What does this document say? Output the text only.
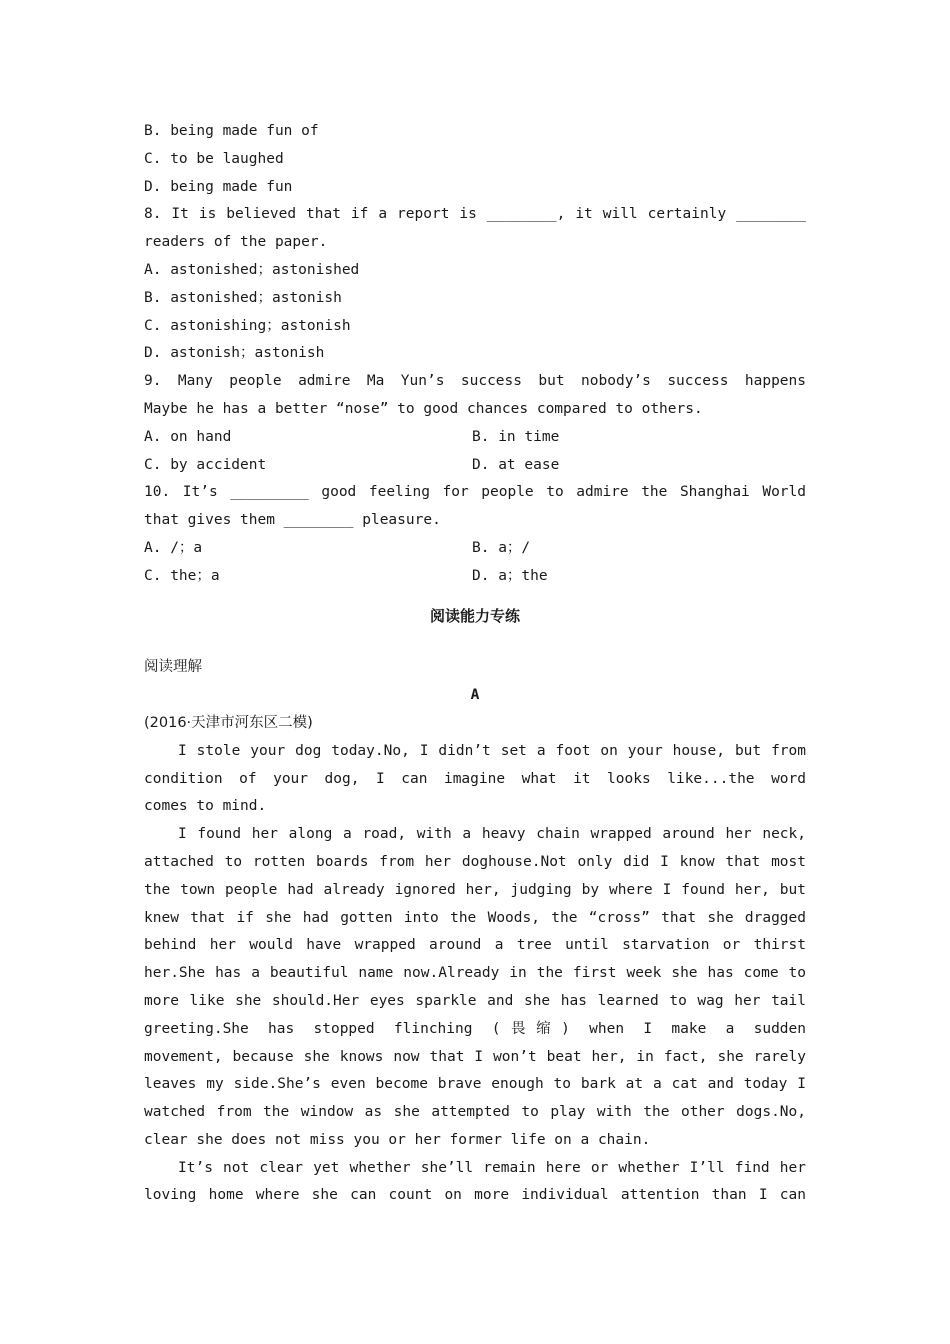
B. being made fun of
C. to be laughed
D. being made fun
8. It is believed that if a report is ________, it will certainly ________
readers of the paper.
A. astonished；astonished
B. astonished；astonish
C. astonishing；astonish
D. astonish；astonish
9. Many people admire Ma Yun’s success but nobody’s success happens
Maybe he has a better “nose” to good chances compared to others.
A. on hand	B. in time
C. by accident	D. at ease
10. It’s _________ good feeling for people to admire the Shanghai World
that gives them ________ pleasure.
A. /；a	B. a；/
C. the；a	D. a；the
阅读能力专练
阅读理解
A
(2016·天津市河东区二模)
I stole your dog today.No, I didn’t set a foot on your house, but from
condition of your dog, I can imagine what it looks like...the word
comes to mind.
I found her along a road, with a heavy chain wrapped around her neck,
attached to rotten boards from her doghouse.Not only did I know that most
the town people had already ignored her, judging by where I found her, but
knew that if she had gotten into the Woods, the “cross” that she dragged
behind her would have wrapped around a tree until starvation or thirst
her.She has a beautiful name now.Already in the first week she has come to
more like she should.Her eyes sparkle and she has learned to wag her tail
greeting.She has stopped flinching (畏缩) when I make a sudden
movement, because she knows now that I won’t beat her, in fact, she rarely
leaves my side.She’s even become brave enough to bark at a cat and today I
watched from the window as she attempted to play with the other dogs.No,
clear she does not miss you or her former life on a chain.
It’s not clear yet whether she’ll remain here or whether I’ll find her
loving home where she can count on more individual attention than I can
